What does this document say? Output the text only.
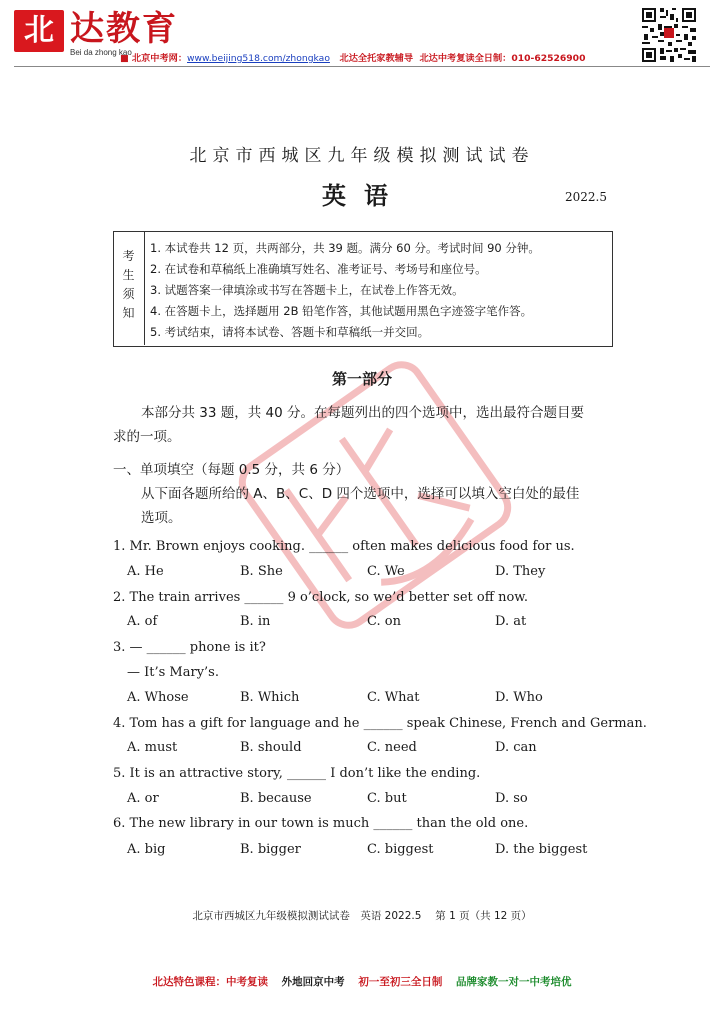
北 达教育
Bei da zhong kao
■ 北京中考网：www.beijing518.com/zhongkao 北达全托家教辅导 北达中考复读全日制：010-62526900
北京市西城区九年级模拟测试试卷
英语	2022.5
考
生
须
知
1. 本试卷共 12 页，共两部分，共 39 题。满分 60 分。考试时间 90 分钟。
2. 在试卷和草稿纸上准确填写姓名、准考证号、考场号和座位号。
3. 试题答案一律填涂或书写在答题卡上，在试卷上作答无效。
4. 在答题卡上，选择题用 2B 铅笔作答，其他试题用黑色字迹签字笔作答。
5. 考试结束，请将本试卷、答题卡和草稿纸一并交回。
第一部分
本部分共 33 题，共 40 分。在每题列出的四个选项中，选出最符合题目要
求的一项。
一、单项填空（每题 0.5 分，共 6 分）
从下面各题所给的 A、B、C、D 四个选项中，选择可以填入空白处的最佳
选项。
1. Mr. Brown enjoys cooking. ______ often makes delicious food for us.
A. He	B. She	C. We	D. They
2. The train arrives ______ 9 o’clock, so we’d better set off now.
A. of	B. in	C. on	D. at
3. — ______ phone is it?
— It’s Mary’s.
A. Whose	B. Which	C. What	D. Who
4. Tom has a gift for language and he ______ speak Chinese, French and German.
A. must	B. should	C. need	D. can
5. It is an attractive story, ______ I don’t like the ending.
A. or	B. because	C. but	D. so
6. The new library in our town is much ______ than the old one.
A. big	B. bigger	C. biggest	D. the biggest
北京市西城区九年级模拟测试试卷　英语 2022.5　 第 1 页（共 12 页）
北达特色课程：中考复读 外地回京中考 初一至初三全日制 品牌家教一对一中考培优
